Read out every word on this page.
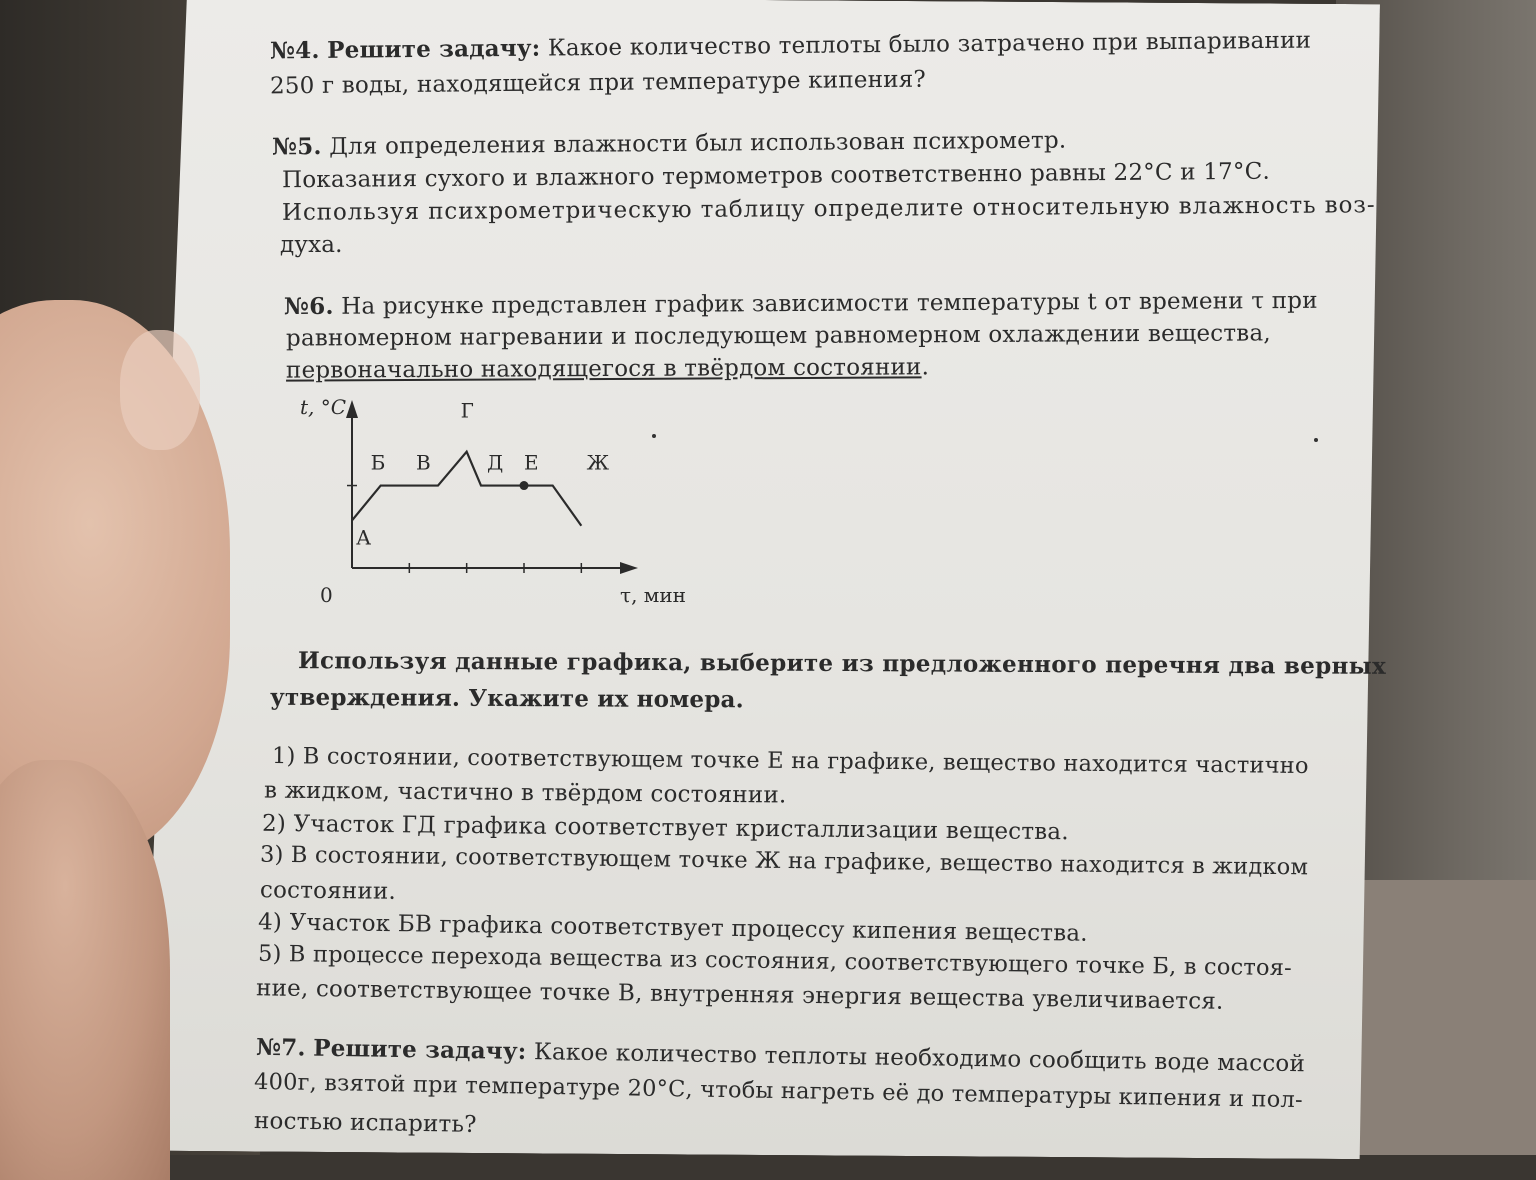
№4. Решите задачу: Какое количество теплоты было затрачено при выпаривании
250 г воды, находящейся при температуре кипения?
№5. Для определения влажности был использован психрометр.
Показания сухого и влажного термометров соответственно равны 22°С и 17°С.
Используя психрометрическую таблицу определите относительную влажность воз-
духа.
№6. На рисунке представлен график зависимости температуры t от времени τ при
равномерном нагревании и последующем равномерном охлаждении вещества,
первоначально находящегося в твёрдом состоянии.
t, °C
τ, мин
0
А
Б В
Г
Д Е Ж
Используя данные графика, выберите из предложенного перечня два верных
утверждения. Укажите их номера.
1) В состоянии, соответствующем точке Е на графике, вещество находится частично
в жидком, частично в твёрдом состоянии.
2) Участок ГД графика соответствует кристаллизации вещества.
3) В состоянии, соответствующем точке Ж на графике, вещество находится в жидком
состоянии.
4) Участок БВ графика соответствует процессу кипения вещества.
5) В процессе перехода вещества из состояния, соответствующего точке Б, в состоя-
ние, соответствующее точке В, внутренняя энергия вещества увеличивается.
№7. Решите задачу: Какое количество теплоты необходимо сообщить воде массой
400г, взятой при температуре 20°С, чтобы нагреть её до температуры кипения и пол-
ностью испарить?
